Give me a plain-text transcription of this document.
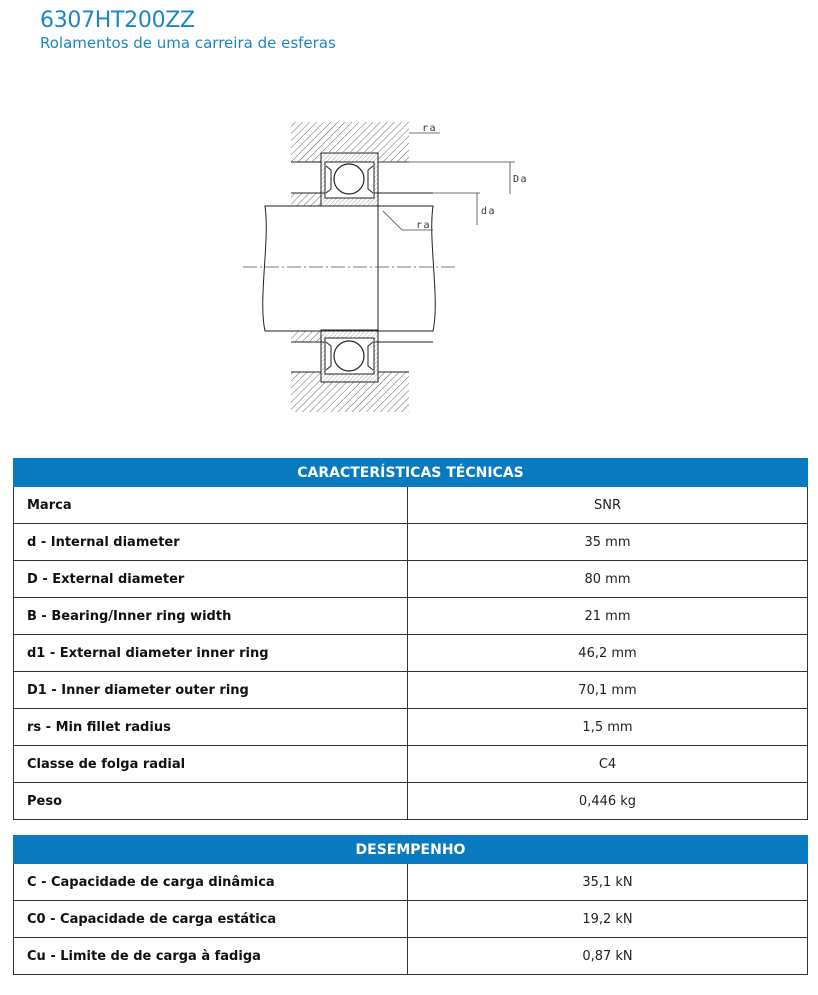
6307HT200ZZ
Rolamentos de uma carreira de esferas
ra
Da
da
ra
CARACTERÍSTICAS TÉCNICAS	
Marca	SNR
d - Internal diameter	35 mm
D - External diameter	80 mm
B - Bearing/Inner ring width	21 mm
d1 - External diameter inner ring	46,2 mm
D1 - Inner diameter outer ring	70,1 mm
rs - Min fillet radius	1,5 mm
Classe de folga radial	C4
Peso	0,446 kg
DESEMPENHO	
C - Capacidade de carga dinâmica	35,1 kN
C0 - Capacidade de carga estática	19,2 kN
Cu - Limite de de carga à fadiga	0,87 kN
